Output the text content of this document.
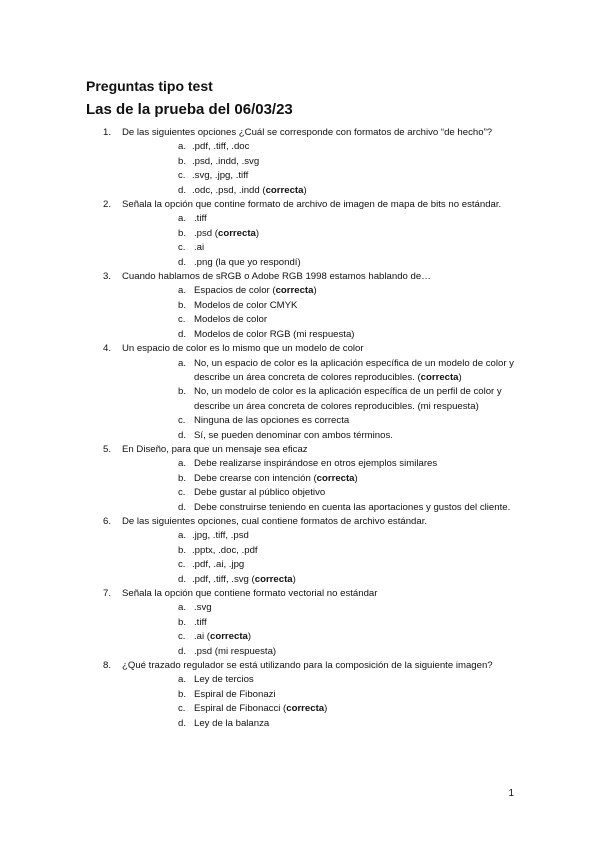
Preguntas tipo test
Las de la prueba del 06/03/23
1. De las siguientes opciones ¿Cuál se corresponde con formatos de archivo “de hecho”?
a. .pdf, .tiff, .doc
b. .psd, .indd, .svg
c. .svg, .jpg, .tiff
d. .odc, .psd, .indd (correcta)
2. Señala la opción que contine formato de archivo de imagen de mapa de bits no estándar.
a. .tiff
b. .psd (correcta)
c. .ai
d. .png (la que yo respondí)
3. Cuando hablamos de sRGB o Adobe RGB 1998 estamos hablando de…
a. Espacios de color (correcta)
b. Modelos de color CMYK
c. Modelos de color
d. Modelos de color RGB (mi respuesta)
4. Un espacio de color es lo mismo que un modelo de color
a. No, un espacio de color es la aplicación específica de un modelo de color y describe un área concreta de colores reproducibles. (correcta)
b. No, un modelo de color es la aplicación específica de un perfil de color y describe un área concreta de colores reproducibles. (mi respuesta)
c. Ninguna de las opciones es correcta
d. Sí, se pueden denominar con ambos términos.
5. En Diseño, para que un mensaje sea eficaz
a. Debe realizarse inspirándose en otros ejemplos similares
b. Debe crearse con intención (correcta)
c. Debe gustar al público objetivo
d. Debe construirse teniendo en cuenta las aportaciones y gustos del cliente.
6. De las siguientes opciones, cual contiene formatos de archivo estándar.
a. .jpg, .tiff, .psd
b. .pptx, .doc, .pdf
c. .pdf, .ai, .jpg
d. .pdf, .tiff, .svg (correcta)
7. Señala la opción que contiene formato vectorial no estándar
a. .svg
b. .tiff
c. .ai (correcta)
d. .psd (mi respuesta)
8. ¿Qué trazado regulador se está utilizando para la composición de la siguiente imagen?
a. Ley de tercios
b. Espiral de Fibonazi
c. Espiral de Fibonacci (correcta)
d. Ley de la balanza
1
